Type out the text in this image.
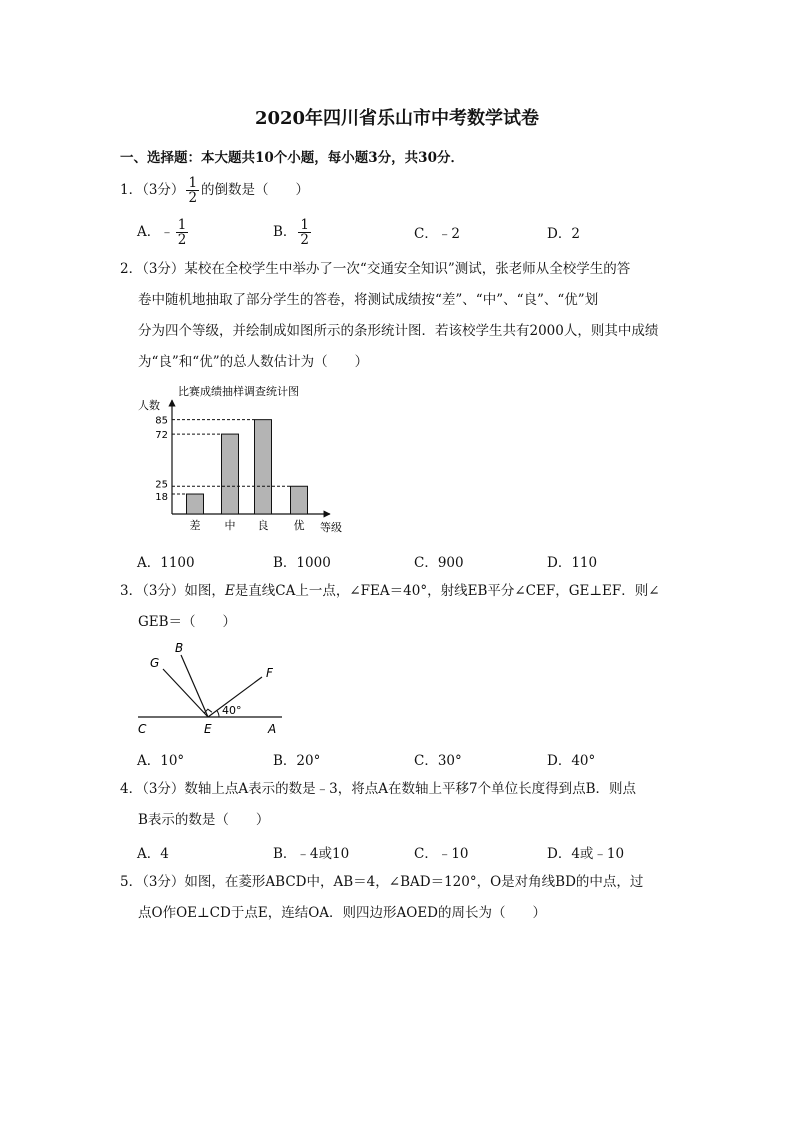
2020年四川省乐山市中考数学试卷
一、选择题：本大题共10个小题，每小题3分，共30分．
1．（3分） $\frac{1}{2}$ 的倒数是（　　）
A．﹣ $\frac{1}{2}$	B． $\frac{1}{2}$	C．﹣2	D．2
2．（3分）某校在全校学生中举办了一次“交通安全知识”测试，张老师从全校学生的答
卷中随机地抽取了部分学生的答卷，将测试成绩按“差”、“中”、“良”、“优”划
分为四个等级，并绘制成如图所示的条形统计图．若该校学生共有2000人，则其中成绩
为“良”和“优”的总人数估计为（　　）
比赛成绩抽样调查统计图
人数
等级
差 中 良 优
18
25
72
85
A．1100	B．1000	C．900	D．110
3．（3分）如图，E是直线CA上一点，∠FEA＝40°，射线EB平分∠CEF，GE⊥EF．则∠
GEB＝（　　）
G
B
F
C	E	A
40°
A．10°	B．20°	C．30°	D．40°
4．（3分）数轴上点A表示的数是﹣3，将点A在数轴上平移7个单位长度得到点B．则点
B表示的数是（　　）
A．4	B．﹣4或10	C．﹣10	D．4或﹣10
5．（3分）如图，在菱形ABCD中，AB＝4，∠BAD＝120°，O是对角线BD的中点，过
点O作OE⊥CD于点E，连结OA．则四边形AOED的周长为（　　）
